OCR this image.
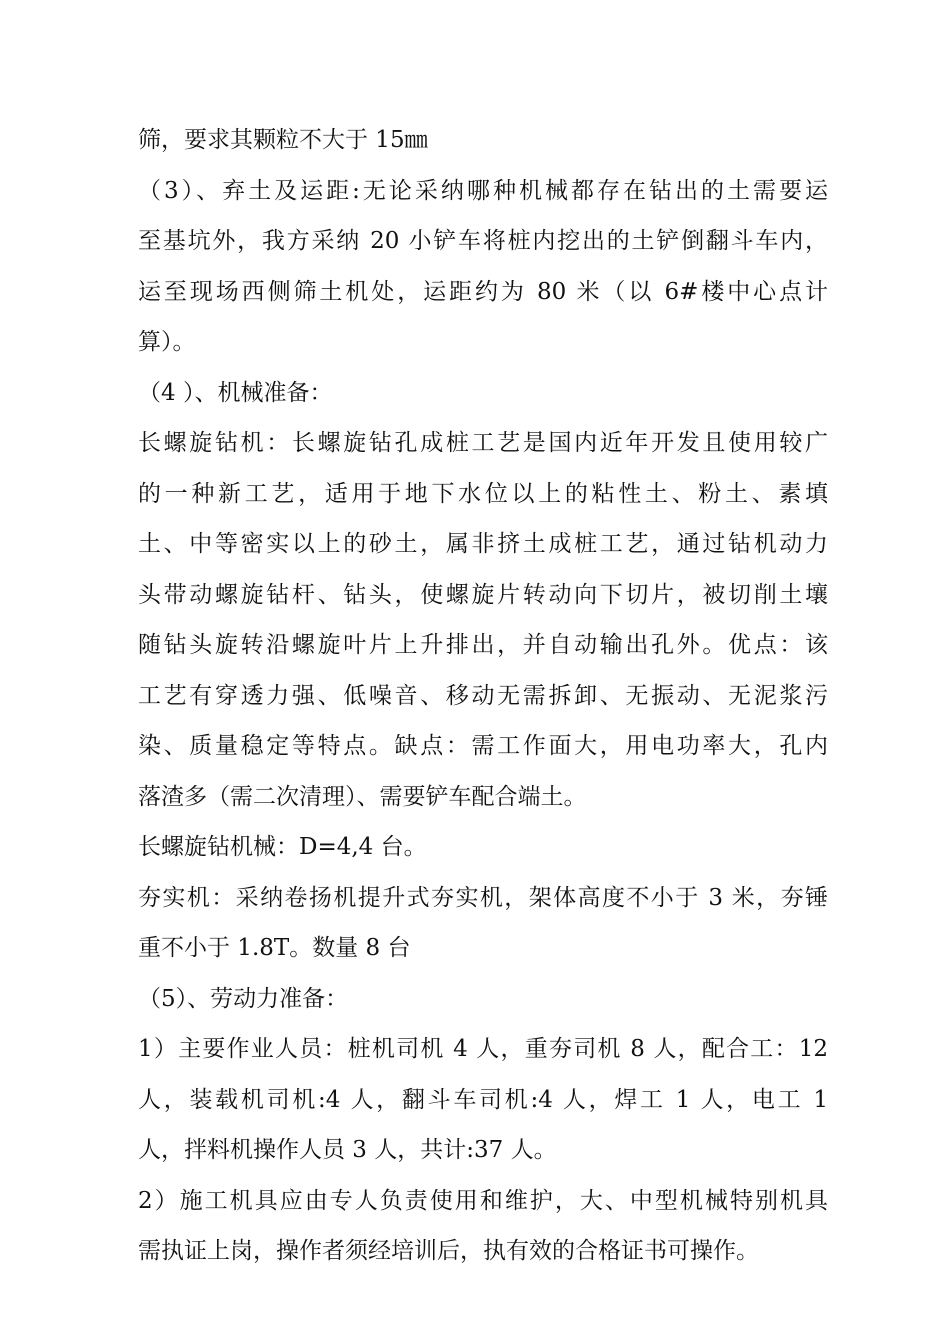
筛，要求其颗粒不大于 15㎜
（3）、弃土及运距:无论采纳哪种机械都存在钻出的土需要运
至基坑外，我方采纳 20 小铲车将桩内挖出的土铲倒翻斗车内，
运至现场西侧筛土机处，运距约为 80 米（以 6#楼中心点计
算）。
（4 ）、机械准备：
长螺旋钻机：长螺旋钻孔成桩工艺是国内近年开发且使用较广
的一种新工艺，适用于地下水位以上的粘性土、粉土、素填
土、中等密实以上的砂土，属非挤土成桩工艺，通过钻机动力
头带动螺旋钻杆、钻头，使螺旋片转动向下切片，被切削土壤
随钻头旋转沿螺旋叶片上升排出，并自动输出孔外。优点：该
工艺有穿透力强、低噪音、移动无需拆卸、无振动、无泥浆污
染、质量稳定等特点。缺点：需工作面大，用电功率大，孔内
落渣多（需二次清理）、需要铲车配合端土。
长螺旋钻机械：D=4,4 台。
夯实机：采纳卷扬机提升式夯实机，架体高度不小于 3 米，夯锤
重不小于 1.8T。数量 8 台
（5）、劳动力准备：
1）主要作业人员：桩机司机 4 人，重夯司机 8 人，配合工：12
人，装载机司机:4 人，翻斗车司机:4 人，焊工 1 人，电工 1
人，拌料机操作人员 3 人，共计:37 人。
2）施工机具应由专人负责使用和维护，大、中型机械特别机具
需执证上岗，操作者须经培训后，执有效的合格证书可操作。
